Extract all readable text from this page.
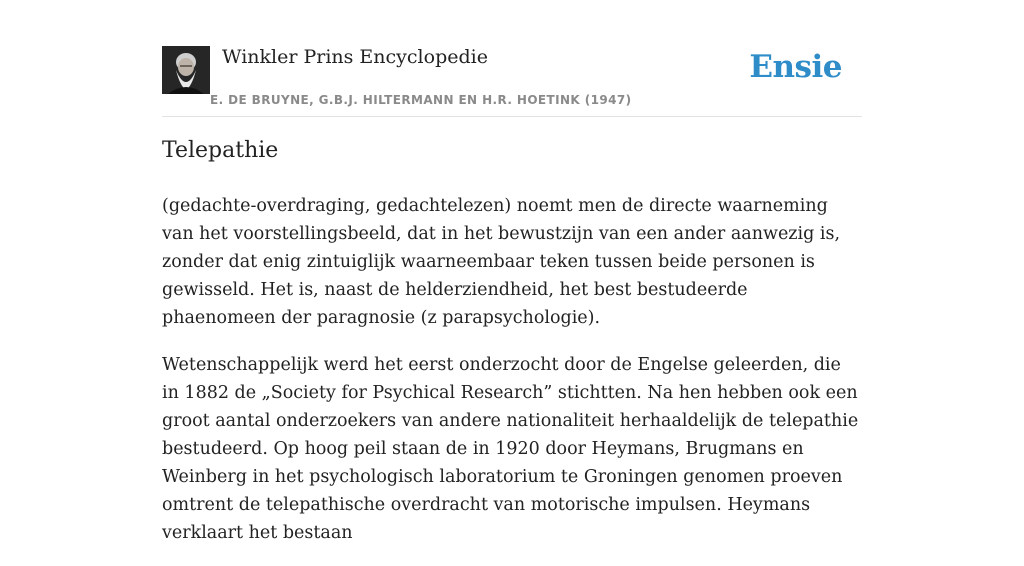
Winkler Prins Encyclopedie
E. DE BRUYNE, G.B.J. HILTERMANN EN H.R. HOETINK (1947)
Ensie
Telepathie

(gedachte-overdraging, gedachtelezen) noemt men de directe waarneming van het voorstellingsbeeld, dat in het bewustzijn van een ander aanwezig is, zonder dat enig zintuiglijk waarneembaar teken tussen beide personen is gewisseld. Het is, naast de helderziendheid, het best bestudeerde phaenomeen der paragnosie (z parapsychologie).

Wetenschappelijk werd het eerst onderzocht door de Engelse geleerden, die in 1882 de „Society for Psychical Research” stichtten. Na hen hebben ook een groot aantal onderzoekers van andere nationaliteit herhaaldelijk de telepathie bestudeerd. Op hoog peil staan de in 1920 door Heymans, Brugmans en Weinberg in het psychologisch laboratorium te Groningen genomen proeven omtrent de telepathische overdracht van motorische impulsen. Heymans verklaart het bestaan
